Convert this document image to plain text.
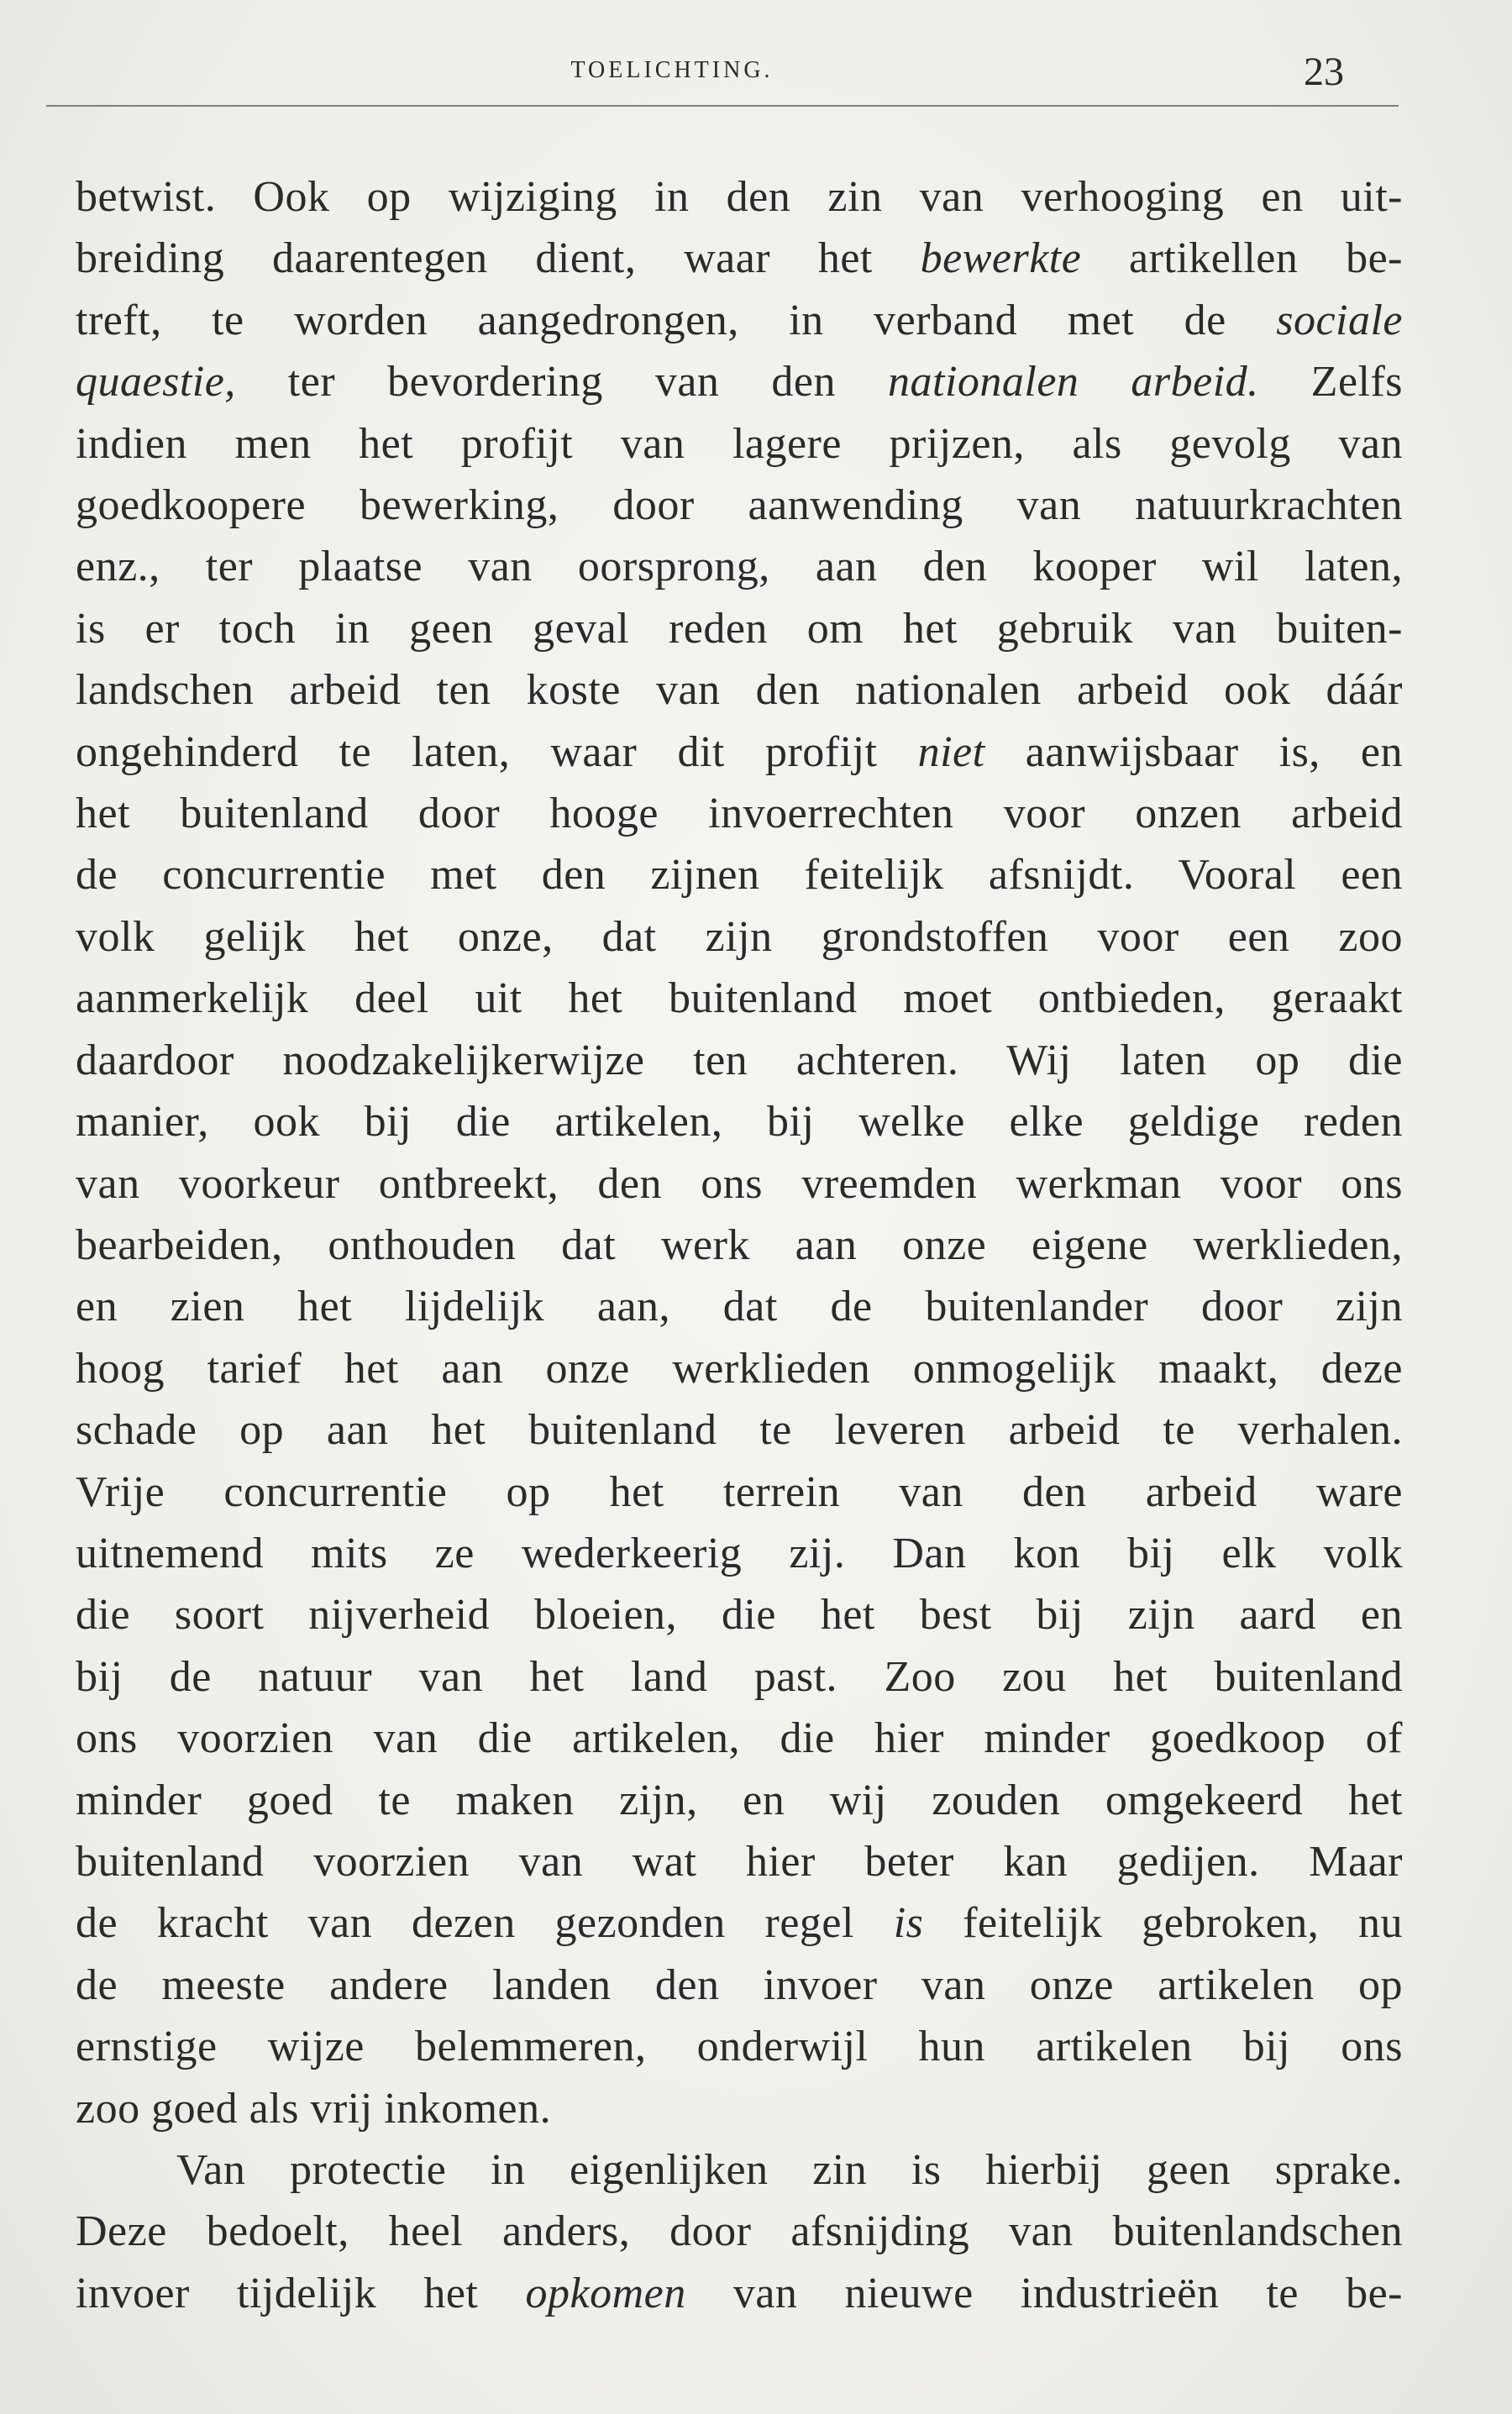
TOELICHTING.	23
betwist. Ook op wijziging in den zin van verhooging en uit-
breiding daarentegen dient, waar het bewerkte artikellen be-
treft, te worden aangedrongen, in verband met de sociale
quaestie, ter bevordering van den nationalen arbeid. Zelfs
indien men het profijt van lagere prijzen, als gevolg van
goedkoopere bewerking, door aanwending van natuurkrachten
enz., ter plaatse van oorsprong, aan den kooper wil laten,
is er toch in geen geval reden om het gebruik van buiten-
landschen arbeid ten koste van den nationalen arbeid ook dáár
ongehinderd te laten, waar dit profijt niet aanwijsbaar is, en
het buitenland door hooge invoerrechten voor onzen arbeid
de concurrentie met den zijnen feitelijk afsnijdt. Vooral een
volk gelijk het onze, dat zijn grondstoffen voor een zoo
aanmerkelijk deel uit het buitenland moet ontbieden, geraakt
daardoor noodzakelijkerwijze ten achteren. Wij laten op die
manier, ook bij die artikelen, bij welke elke geldige reden
van voorkeur ontbreekt, den ons vreemden werkman voor ons
bearbeiden, onthouden dat werk aan onze eigene werklieden,
en zien het lijdelijk aan, dat de buitenlander door zijn
hoog tarief het aan onze werklieden onmogelijk maakt, deze
schade op aan het buitenland te leveren arbeid te verhalen.
Vrije concurrentie op het terrein van den arbeid ware
uitnemend mits ze wederkeerig zij. Dan kon bij elk volk
die soort nijverheid bloeien, die het best bij zijn aard en
bij de natuur van het land past. Zoo zou het buitenland
ons voorzien van die artikelen, die hier minder goedkoop of
minder goed te maken zijn, en wij zouden omgekeerd het
buitenland voorzien van wat hier beter kan gedijen. Maar
de kracht van dezen gezonden regel is feitelijk gebroken, nu
de meeste andere landen den invoer van onze artikelen op
ernstige wijze belemmeren, onderwijl hun artikelen bij ons
zoo goed als vrij inkomen.
Van protectie in eigenlijken zin is hierbij geen sprake.
Deze bedoelt, heel anders, door afsnijding van buitenlandschen
invoer tijdelijk het opkomen van nieuwe industrieën te be-
